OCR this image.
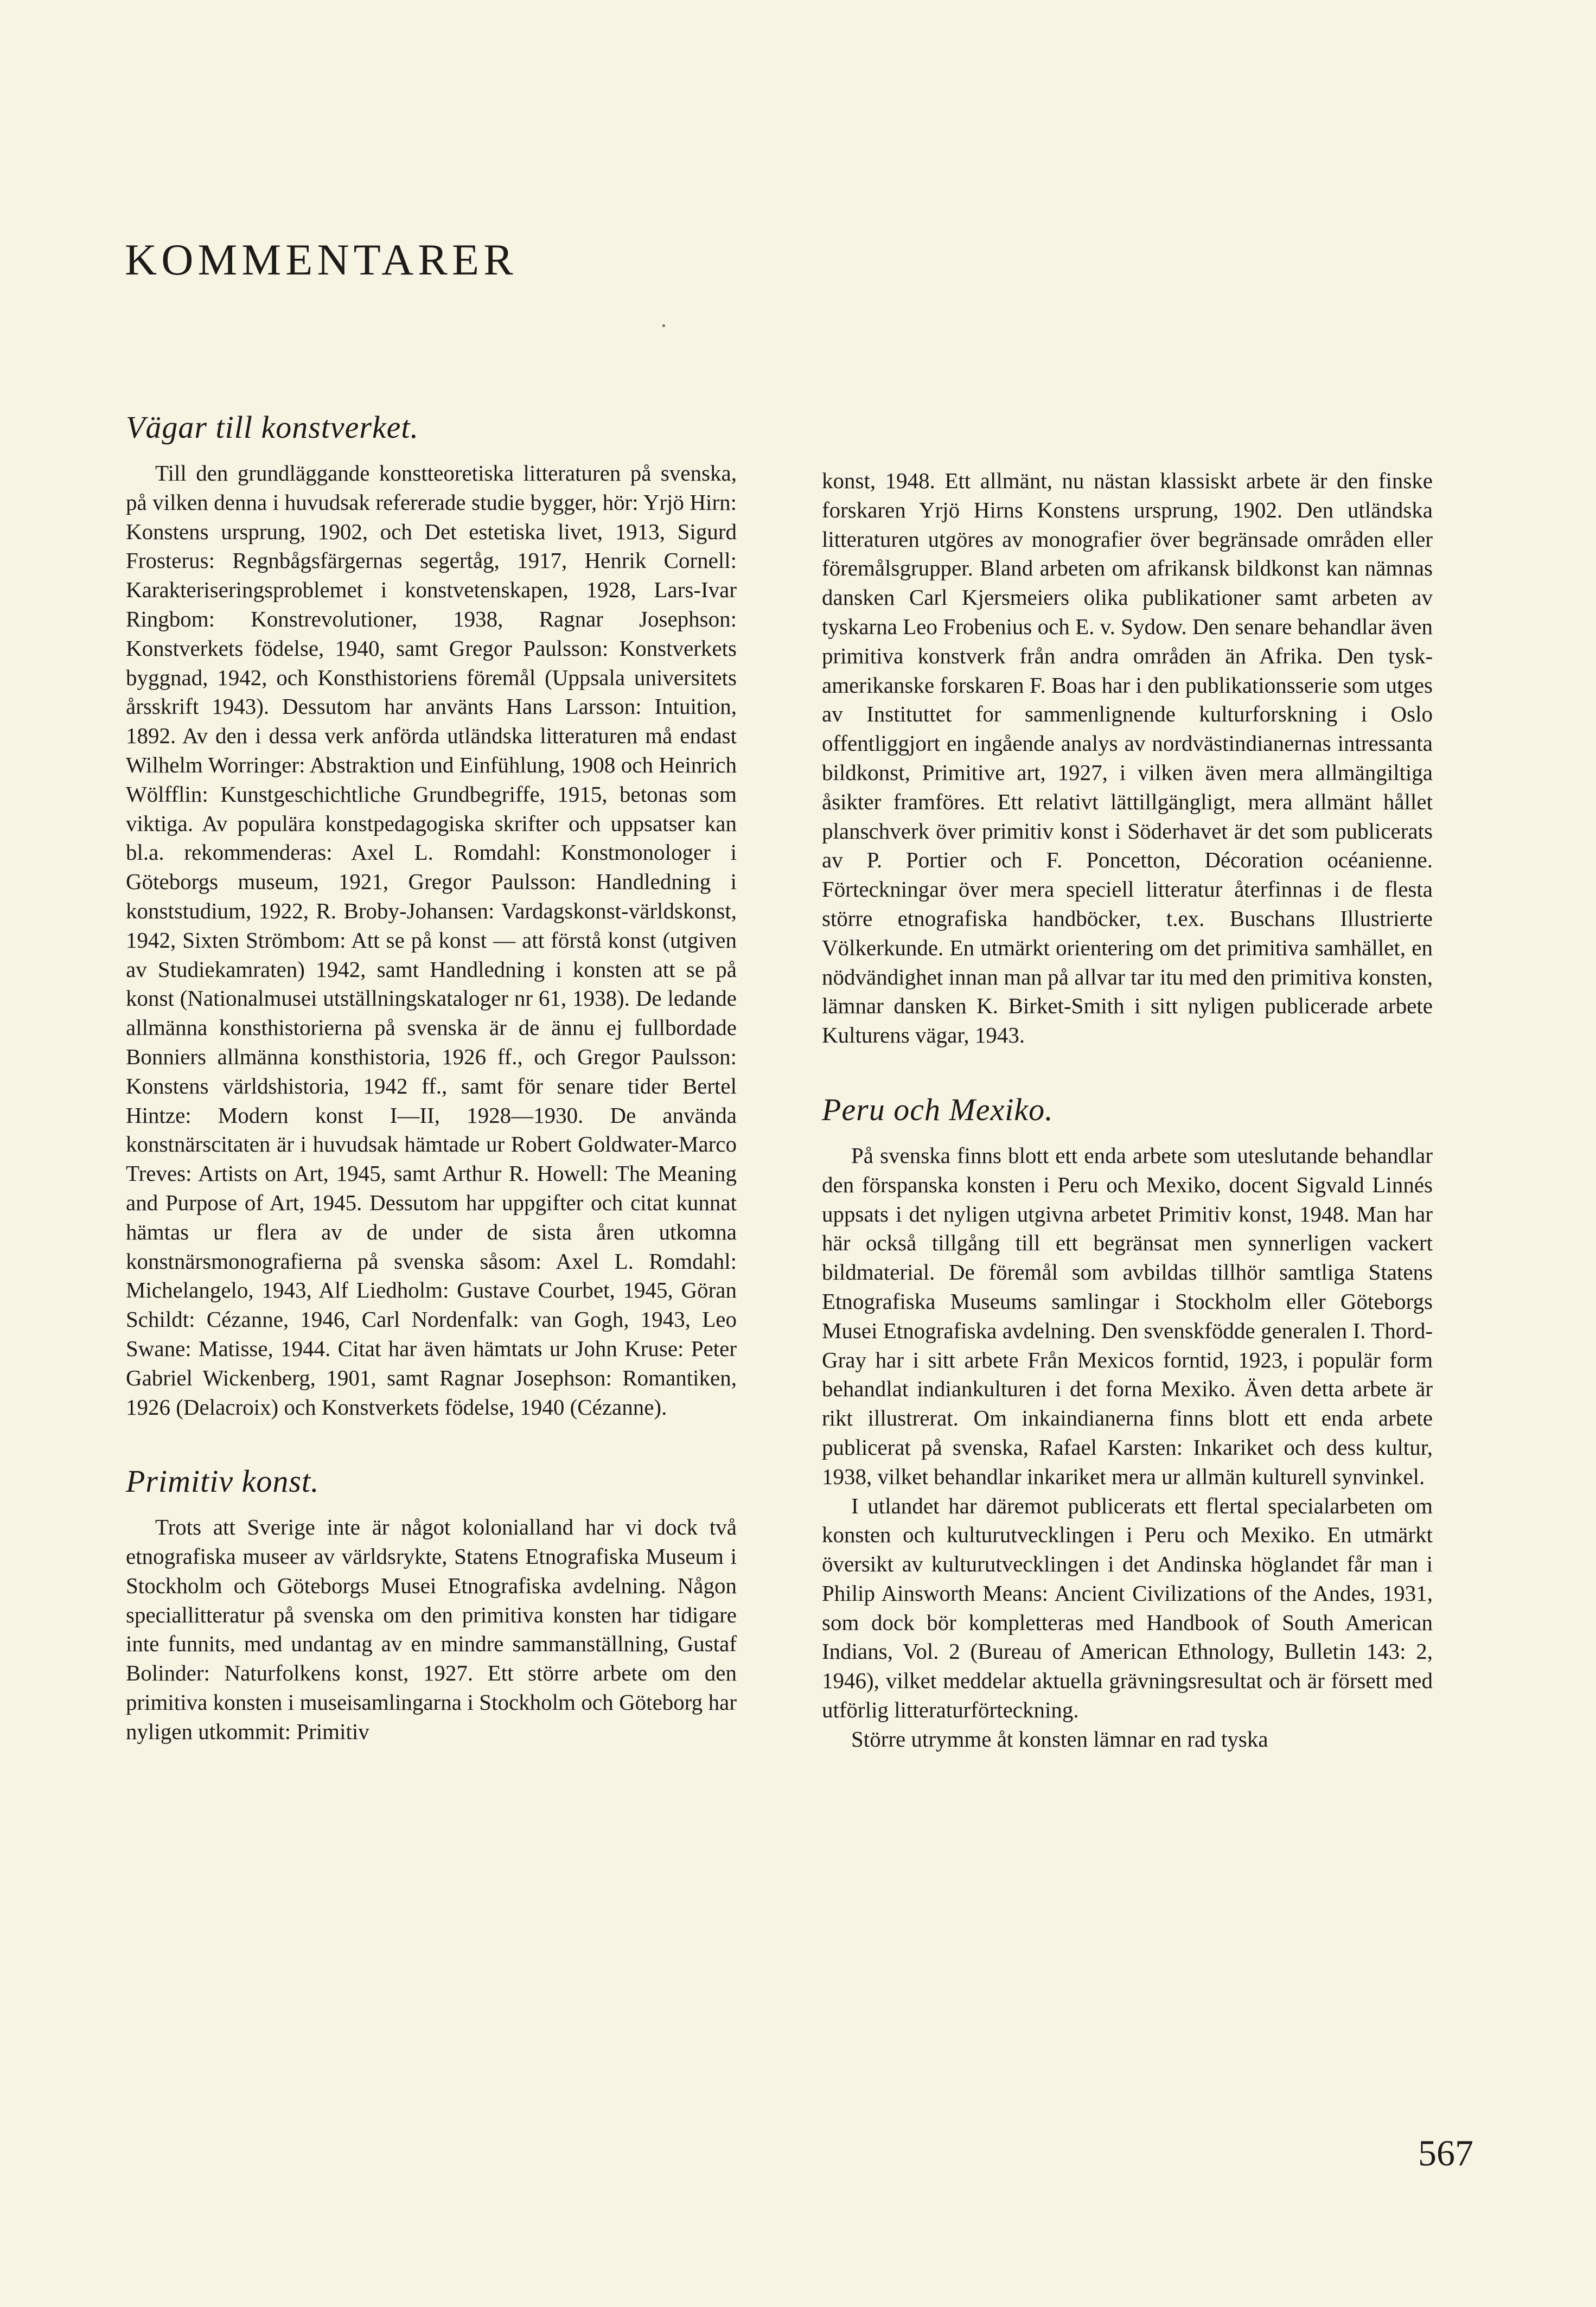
KOMMENTARER
Vägar till konstverket.

Till den grundläggande konstteoretiska litteraturen på svenska, på vilken denna i huvudsak refererade studie bygger, hör: Yrjö Hirn: Konstens ursprung, 1902, och Det estetiska livet, 1913, Sigurd Frosterus: Regnbågsfärgernas segertåg, 1917, Henrik Cornell: Karakteriseringsproblemet i konstvetenskapen, 1928, Lars-Ivar Ringbom: Konstrevolutioner, 1938, Ragnar Josephson: Konstverkets födelse, 1940, samt Gregor Paulsson: Konstverkets byggnad, 1942, och Konsthistoriens föremål (Uppsala universitets årsskrift 1943). Dessutom har använts Hans Larsson: Intuition, 1892. Av den i dessa verk anförda utländska litteraturen må endast Wilhelm Worringer: Abstraktion und Einfühlung, 1908 och Heinrich Wölfflin: Kunstgeschichtliche Grundbegriffe, 1915, betonas som viktiga. Av populära konstpedagogiska skrifter och uppsatser kan bl.a. rekommenderas: Axel L. Romdahl: Konstmonologer i Göteborgs museum, 1921, Gregor Paulsson: Handledning i konststudium, 1922, R. Broby-Johansen: Vardagskonst-världskonst, 1942, Sixten Strömbom: Att se på konst — att förstå konst (utgiven av Studiekamraten) 1942, samt Handledning i konsten att se på konst (Nationalmusei utställningskataloger nr 61, 1938). De ledande allmänna konsthistorierna på svenska är de ännu ej fullbordade Bonniers allmänna konsthistoria, 1926 ff., och Gregor Paulsson: Konstens världshistoria, 1942 ff., samt för senare tider Bertel Hintze: Modern konst I—II, 1928—1930. De använda konstnärscitaten är i huvudsak hämtade ur Robert Goldwater-Marco Treves: Artists on Art, 1945, samt Arthur R. Howell: The Meaning and Purpose of Art, 1945. Dessutom har uppgifter och citat kunnat hämtas ur flera av de under de sista åren utkomna konstnärsmonografierna på svenska såsom: Axel L. Romdahl: Michelangelo, 1943, Alf Liedholm: Gustave Courbet, 1945, Göran Schildt: Cézanne, 1946, Carl Nordenfalk: van Gogh, 1943, Leo Swane: Matisse, 1944. Citat har även hämtats ur John Kruse: Peter Gabriel Wickenberg, 1901, samt Ragnar Josephson: Romantiken, 1926 (Delacroix) och Konstverkets födelse, 1940 (Cézanne).

Primitiv konst.

Trots att Sverige inte är något kolonialland har vi dock två etnografiska museer av världsrykte, Statens Etnografiska Museum i Stockholm och Göteborgs Musei Etnografiska avdelning. Någon speciallitteratur på svenska om den primitiva konsten har tidigare inte funnits, med undantag av en mindre sammanställning, Gustaf Bolinder: Naturfolkens konst, 1927. Ett större arbete om den primitiva konsten i museisamlingarna i Stockholm och Göteborg har nyligen utkommit: Primitiv

konst, 1948. Ett allmänt, nu nästan klassiskt arbete är den finske forskaren Yrjö Hirns Konstens ursprung, 1902. Den utländska litteraturen utgöres av monografier över begränsade områden eller föremålsgrupper. Bland arbeten om afrikansk bildkonst kan nämnas dansken Carl Kjersmeiers olika publikationer samt arbeten av tyskarna Leo Frobenius och E. v. Sydow. Den senare behandlar även primitiva konstverk från andra områden än Afrika. Den tysk-amerikanske forskaren F. Boas har i den publikationsserie som utges av Instituttet for sammenlignende kulturforskning i Oslo offentliggjort en ingående analys av nordvästindianernas intressanta bildkonst, Primitive art, 1927, i vilken även mera allmängiltiga åsikter framföres. Ett relativt lättillgängligt, mera allmänt hållet planschverk över primitiv konst i Söderhavet är det som publicerats av P. Portier och F. Poncetton, Décoration océanienne. Förteckningar över mera speciell litteratur återfinnas i de flesta större etnografiska handböcker, t.ex. Buschans Illustrierte Völkerkunde. En utmärkt orientering om det primitiva samhället, en nödvändighet innan man på allvar tar itu med den primitiva konsten, lämnar dansken K. Birket-Smith i sitt nyligen publicerade arbete Kulturens vägar, 1943.

Peru och Mexiko.

På svenska finns blott ett enda arbete som uteslutande behandlar den förspanska konsten i Peru och Mexiko, docent Sigvald Linnés uppsats i det nyligen utgivna arbetet Primitiv konst, 1948. Man har här också tillgång till ett begränsat men synnerligen vackert bildmaterial. De föremål som avbildas tillhör samtliga Statens Etnografiska Museums samlingar i Stockholm eller Göteborgs Musei Etnografiska avdelning. Den svenskfödde generalen I. Thord-Gray har i sitt arbete Från Mexicos forntid, 1923, i populär form behandlat indiankulturen i det forna Mexiko. Även detta arbete är rikt illustrerat. Om inkaindianerna finns blott ett enda arbete publicerat på svenska, Rafael Karsten: Inkariket och dess kultur, 1938, vilket behandlar inkariket mera ur allmän kulturell synvinkel.

I utlandet har däremot publicerats ett flertal specialarbeten om konsten och kulturutvecklingen i Peru och Mexiko. En utmärkt översikt av kulturutvecklingen i det Andinska höglandet får man i Philip Ainsworth Means: Ancient Civilizations of the Andes, 1931, som dock bör kompletteras med Handbook of South American Indians, Vol. 2 (Bureau of American Ethnology, Bulletin 143: 2, 1946), vilket meddelar aktuella grävningsresultat och är försett med utförlig litteraturförteckning.

Större utrymme åt konsten lämnar en rad tyska

567
